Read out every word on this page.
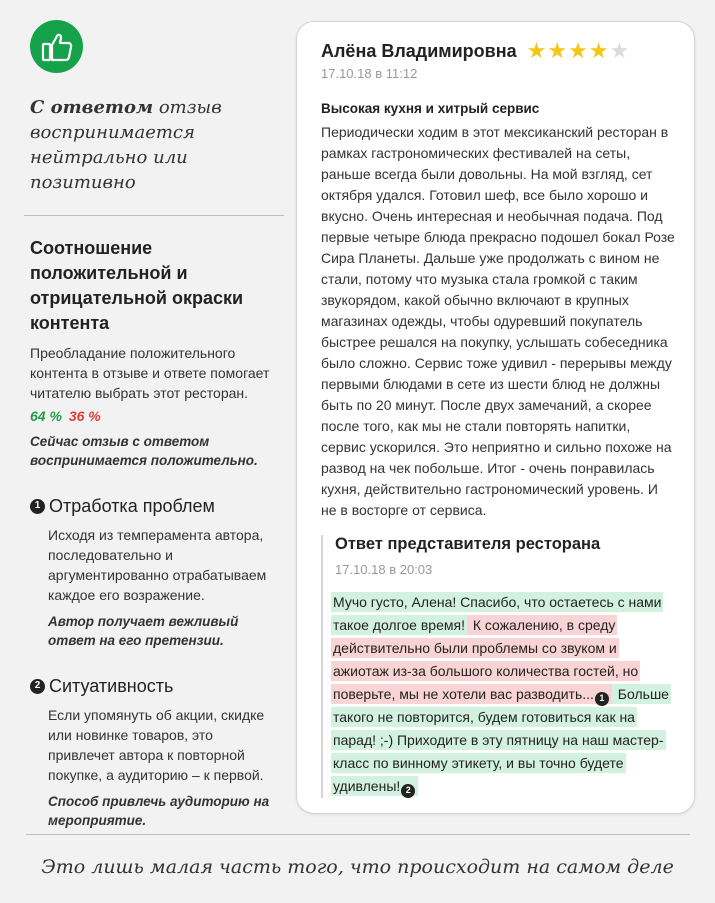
С ответом отзыв воспринимается нейтрально или позитивно
Соотношение положительной и отрицательной окраски контента
Преобладание положительного контента в отзыве и ответе помогает читателю выбрать этот ресторан.
64 % 36 %
Сейчас отзыв с ответом воспринимается положительно.
1 Отработка проблем
Исходя из темперамента автора, последовательно и аргументированно отрабатываем каждое его возражение.
Автор получает вежливый ответ на его претензии.
2 Ситуативность
Если упомянуть об акции, скидке или новинке товаров, это привлечет автора к повторной покупке, а аудиторию – к первой.
Способ привлечь аудиторию на мероприятие.
Алёна Владимировна ★ ★ ★ ★ ★
17.10.18 в 11:12
Высокая кухня и хитрый сервис
Периодически ходим в этот мексиканский ресторан в рамках гастрономических фестивалей на сеты, раньше всегда были довольны. На мой взгляд, сет октября удался. Готовил шеф, все было хорошо и вкусно. Очень интересная и необычная подача. Под первые четыре блюда прекрасно подошел бокал Розе Сира Планеты. Дальше уже продолжать с вином не стали, потому что музыка стала громкой с таким звукорядом, какой обычно включают в крупных магазинах одежды, чтобы одуревший покупатель быстрее решался на покупку, услышать собеседника было сложно. Сервис тоже удивил - перерывы между первыми блюдами в сете из шести блюд не должны быть по 20 минут. После двух замечаний, а скорее после того, как мы не стали повторять напитки, сервис ускорился. Это неприятно и сильно похоже на развод на чек побольше. Итог - очень понравилась кухня, действительно гастрономический уровень. И не в восторге от сервиса.
Ответ представителя ресторана
17.10.18 в 20:03
Мучо густо, Алена! Спасибо, что остаетесь с нами такое долгое время! К сожалению, в среду действительно были проблемы со звуком и ажиотаж из-за большого количества гостей, но поверьте, мы не хотели вас разводить... 1 Больше такого не повторится, будем готовиться как на парад! ;-) Приходите в эту пятницу на наш мастер-класс по винному этикету, и вы точно будете удивлены! 2
Это лишь малая часть того, что происходит на самом деле
